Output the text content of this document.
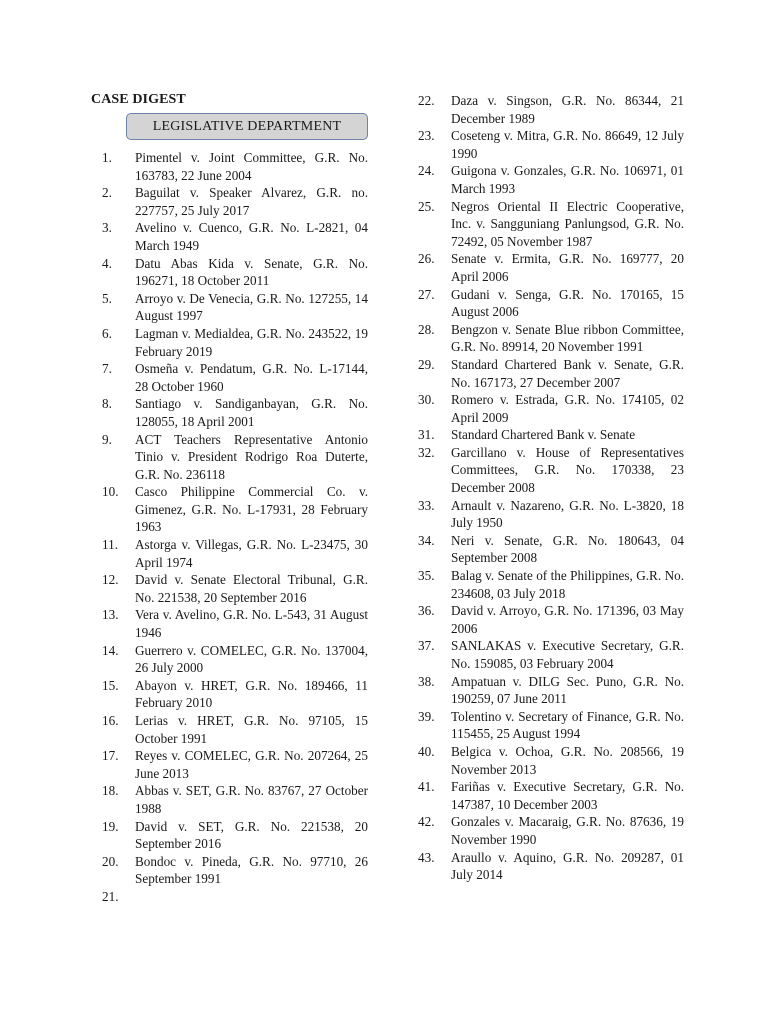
CASE DIGEST
LEGISLATIVE DEPARTMENT
1. Pimentel v. Joint Committee, G.R. No. 163783, 22 June 2004
2. Baguilat v. Speaker Alvarez, G.R. no. 227757, 25 July 2017
3. Avelino v. Cuenco, G.R. No. L-2821, 04 March 1949
4. Datu Abas Kida v. Senate, G.R. No. 196271, 18 October 2011
5. Arroyo v. De Venecia, G.R. No. 127255, 14 August 1997
6. Lagman v. Medialdea, G.R. No. 243522, 19 February 2019
7. Osmeña v. Pendatum, G.R. No. L-17144, 28 October 1960
8. Santiago v. Sandiganbayan, G.R. No. 128055, 18 April 2001
9. ACT Teachers Representative Antonio Tinio v. President Rodrigo Roa Duterte, G.R. No. 236118
10. Casco Philippine Commercial Co. v. Gimenez, G.R. No. L-17931, 28 February 1963
11. Astorga v. Villegas, G.R. No. L-23475, 30 April 1974
12. David v. Senate Electoral Tribunal, G.R. No. 221538, 20 September 2016
13. Vera v. Avelino, G.R. No. L-543, 31 August 1946
14. Guerrero v. COMELEC, G.R. No. 137004, 26 July 2000
15. Abayon v. HRET, G.R. No. 189466, 11 February 2010
16. Lerias v. HRET, G.R. No. 97105, 15 October 1991
17. Reyes v. COMELEC, G.R. No. 207264, 25 June 2013
18. Abbas v. SET, G.R. No. 83767, 27 October 1988
19. David v. SET, G.R. No. 221538, 20 September 2016
20. Bondoc v. Pineda, G.R. No. 97710, 26 September 1991
21.
22. Daza v. Singson, G.R. No. 86344, 21 December 1989
23. Coseteng v. Mitra, G.R. No. 86649, 12 July 1990
24. Guigona v. Gonzales, G.R. No. 106971, 01 March 1993
25. Negros Oriental II Electric Cooperative, Inc. v. Sangguniang Panlungsod, G.R. No. 72492, 05 November 1987
26. Senate v. Ermita, G.R. No. 169777, 20 April 2006
27. Gudani v. Senga, G.R. No. 170165, 15 August 2006
28. Bengzon v. Senate Blue ribbon Committee, G.R. No. 89914, 20 November 1991
29. Standard Chartered Bank v. Senate, G.R. No. 167173, 27 December 2007
30. Romero v. Estrada, G.R. No. 174105, 02 April 2009
31. Standard Chartered Bank v. Senate
32. Garcillano v. House of Representatives Committees, G.R. No. 170338, 23 December 2008
33. Arnault v. Nazareno, G.R. No. L-3820, 18 July 1950
34. Neri v. Senate, G.R. No. 180643, 04 September 2008
35. Balag v. Senate of the Philippines, G.R. No. 234608, 03 July 2018
36. David v. Arroyo, G.R. No. 171396, 03 May 2006
37. SANLAKAS v. Executive Secretary, G.R. No. 159085, 03 February 2004
38. Ampatuan v. DILG Sec. Puno, G.R. No. 190259, 07 June 2011
39. Tolentino v. Secretary of Finance, G.R. No. 115455, 25 August 1994
40. Belgica v. Ochoa, G.R. No. 208566, 19 November 2013
41. Fariñas v. Executive Secretary, G.R. No. 147387, 10 December 2003
42. Gonzales v. Macaraig, G.R. No. 87636, 19 November 1990
43. Araullo v. Aquino, G.R. No. 209287, 01 July 2014
